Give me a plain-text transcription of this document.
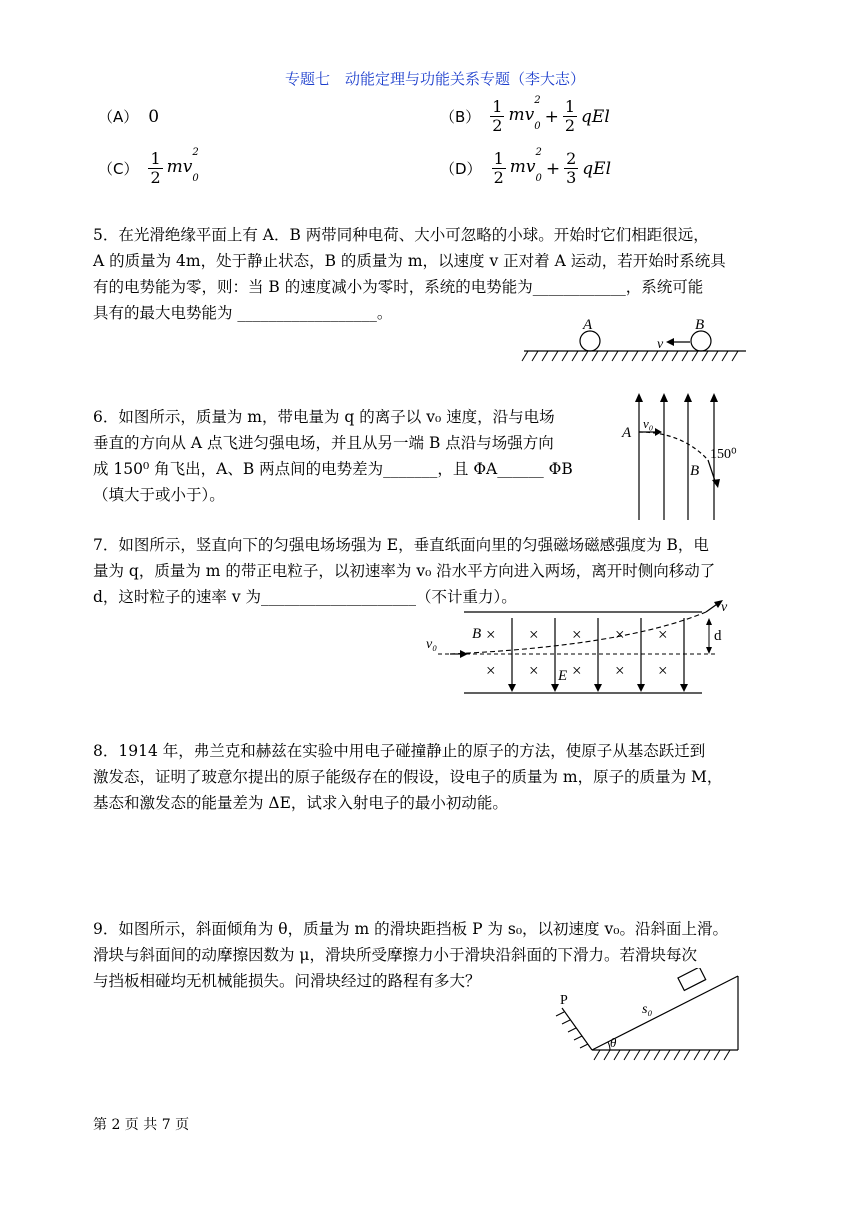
专题七　动能定理与功能关系专题（李大志）
（A） 0	$(B) \frac{1}{2}$ mv
2
$_0 + \frac{1}{2}$ qEl
$(C) \frac{1}{2}$ mv
2
$_0$
$(D) \frac{1}{2}$ mv
2
$_0 + \frac{2}{3}$ qEl
5．在光滑绝缘平面上有 A．B 两带同种电荷、大小可忽略的小球。开始时它们相距很远，
A 的质量为 4m，处于静止状态，B 的质量为 m，以速度 v 正对着 A 运动，若开始时系统具
有的电势能为零，则：当 B 的速度减小为零时，系统的电势能为____________，系统可能
具有的最大电势能为 __________________。
A	B
v
6．如图所示，质量为 m，带电量为 q 的离子以 v₀ 速度，沿与电场
垂直的方向从 A 点飞进匀强电场，并且从另一端 B 点沿与场强方向
成 150⁰ 角飞出，A、B 两点间的电势差为_______，且 ΦA______ ΦB
（填大于或小于）。
A
B
v₀
150⁰
7．如图所示，竖直向下的匀强电场场强为 E，垂直纸面向里的匀强磁场磁感强度为 B，电
量为 q，质量为 m 的带正电粒子，以初速率为 v₀ 沿水平方向进入两场，离开时侧向移动了
d，这时粒子的速率 v 为____________________（不计重力）。
× × × × ×
× × × × ×
B
E
v₀
v
d
8．1914 年，弗兰克和赫兹在实验中用电子碰撞静止的原子的方法，使原子从基态跃迁到
激发态，证明了玻意尔提出的原子能级存在的假设，设电子的质量为 m，原子的质量为 M，
基态和激发态的能量差为 ΔE，试求入射电子的最小初动能。
9．如图所示，斜面倾角为 θ，质量为 m 的滑块距挡板 P 为 s₀，以初速度 v₀。沿斜面上滑。
滑块与斜面间的动摩擦因数为 μ，滑块所受摩擦力小于滑块沿斜面的下滑力。若滑块每次
与挡板相碰均无机械能损失。问滑块经过的路程有多大？
P
s₀
θ
第 2 页 共 7 页
